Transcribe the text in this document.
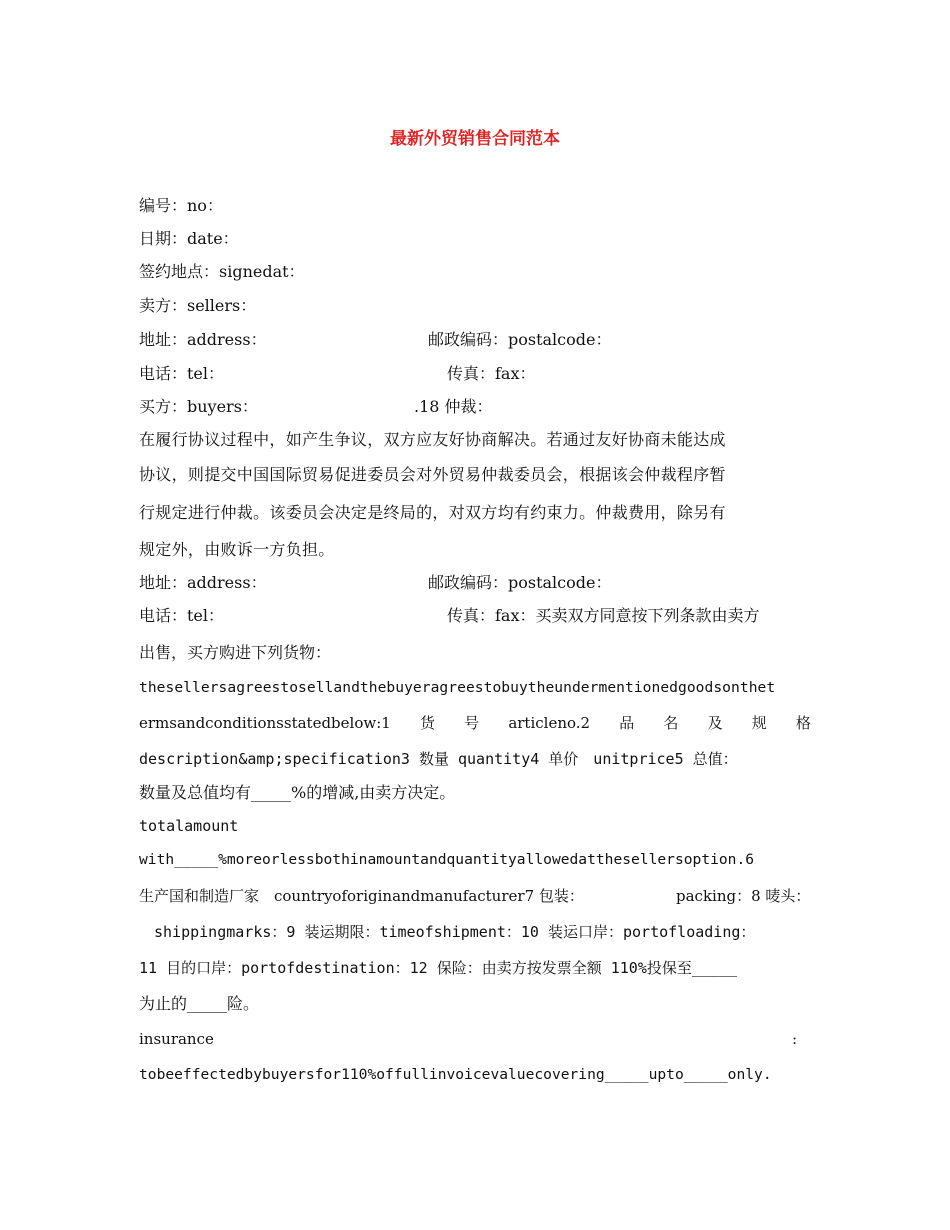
最新外贸销售合同范本
编号：no：
日期：date：
签约地点：signedat：
卖方：sellers：
地址：address：	邮政编码：postalcode：
电话：tel：	传真：fax：
买方：buyers：	.18 仲裁：
在履行协议过程中，如产生争议，双方应友好协商解决。若通过友好协商未能达成
协议，则提交中国国际贸易促进委员会对外贸易仲裁委员会，根据该会仲裁程序暂
行规定进行仲裁。该委员会决定是终局的，对双方均有约束力。仲裁费用，除另有
规定外，由败诉一方负担。
地址：address：	邮政编码：postalcode：
电话：tel：	传真：fax：买卖双方同意按下列条款由卖方
出售，买方购进下列货物：
thesellersagreestosellandthebuyeragreestobuytheundermentionedgoodsonthet
ermsandconditionsstatedbelow:1 货 号 articleno.2 品 名 及 规 格
description&amp;specification3 数量 quantity4 单价　unitprice5 总值：
数量及总值均有_____%的增减,由卖方决定。
totalamount
with_____%moreorlessbothinamountandquantityallowedatthesellersoption.6
生产国和制造厂家　countryoforiginandmanufacturer7 包装：	packing：8 唛头：
　shippingmarks：9 装运期限：timeofshipment：10 装运口岸：portofloading：
11 目的口岸：portofdestination：12 保险：由卖方按发票全额 110%投保至_____
为止的_____险。
insurance	:
tobeeffectedbybuyersfor110%offullinvoicevaluecovering_____upto_____only.
